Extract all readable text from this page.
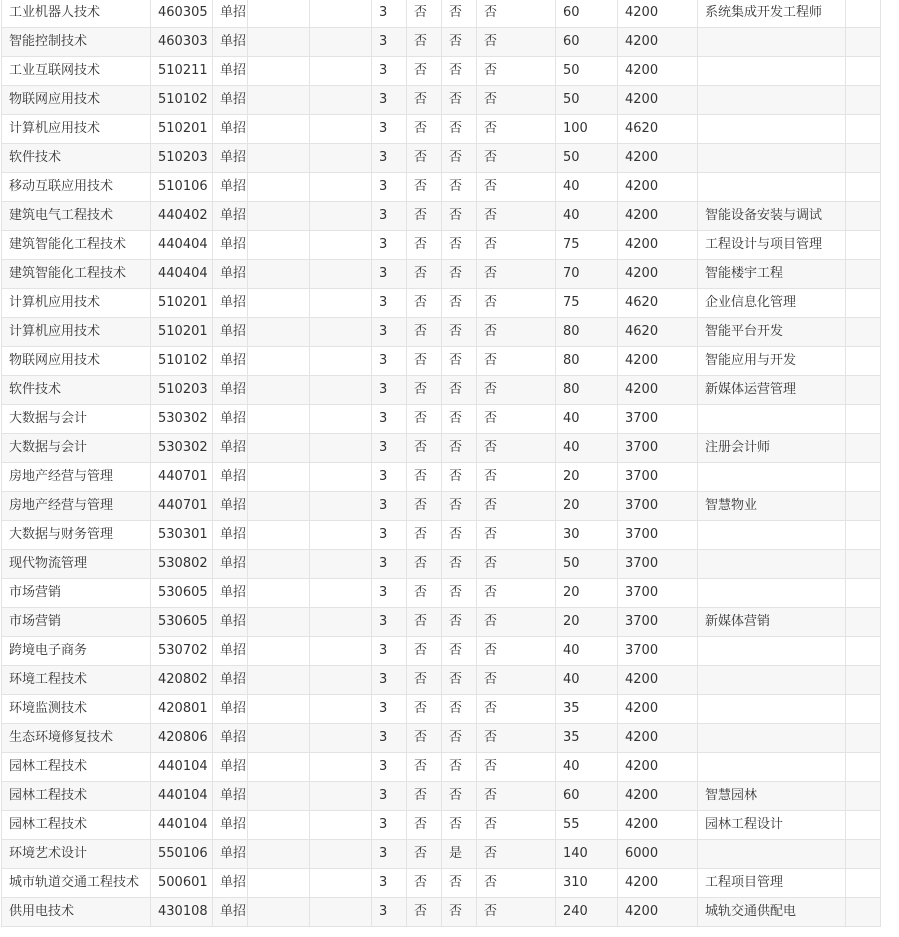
工业机器人技术	460305	单招			3	否	否	否	60	4200	系统集成开发工程师	
智能控制技术	460303	单招			3	否	否	否	60	4200		
工业互联网技术	510211	单招			3	否	否	否	50	4200		
物联网应用技术	510102	单招			3	否	否	否	50	4200		
计算机应用技术	510201	单招			3	否	否	否	100	4620		
软件技术	510203	单招			3	否	否	否	50	4200		
移动互联应用技术	510106	单招			3	否	否	否	40	4200		
建筑电气工程技术	440402	单招			3	否	否	否	40	4200	智能设备安装与调试	
建筑智能化工程技术	440404	单招			3	否	否	否	75	4200	工程设计与项目管理	
建筑智能化工程技术	440404	单招			3	否	否	否	70	4200	智能楼宇工程	
计算机应用技术	510201	单招			3	否	否	否	75	4620	企业信息化管理	
计算机应用技术	510201	单招			3	否	否	否	80	4620	智能平台开发	
物联网应用技术	510102	单招			3	否	否	否	80	4200	智能应用与开发	
软件技术	510203	单招			3	否	否	否	80	4200	新媒体运营管理	
大数据与会计	530302	单招			3	否	否	否	40	3700		
大数据与会计	530302	单招			3	否	否	否	40	3700	注册会计师	
房地产经营与管理	440701	单招			3	否	否	否	20	3700		
房地产经营与管理	440701	单招			3	否	否	否	20	3700	智慧物业	
大数据与财务管理	530301	单招			3	否	否	否	30	3700		
现代物流管理	530802	单招			3	否	否	否	50	3700		
市场营销	530605	单招			3	否	否	否	20	3700		
市场营销	530605	单招			3	否	否	否	20	3700	新媒体营销	
跨境电子商务	530702	单招			3	否	否	否	40	3700		
环境工程技术	420802	单招			3	否	否	否	40	4200		
环境监测技术	420801	单招			3	否	否	否	35	4200		
生态环境修复技术	420806	单招			3	否	否	否	35	4200		
园林工程技术	440104	单招			3	否	否	否	40	4200		
园林工程技术	440104	单招			3	否	否	否	60	4200	智慧园林	
园林工程技术	440104	单招			3	否	否	否	55	4200	园林工程设计	
环境艺术设计	550106	单招			3	否	是	否	140	6000		
城市轨道交通工程技术	500601	单招			3	否	否	否	310	4200	工程项目管理	
供用电技术	430108	单招			3	否	否	否	240	4200	城轨交通供配电	
